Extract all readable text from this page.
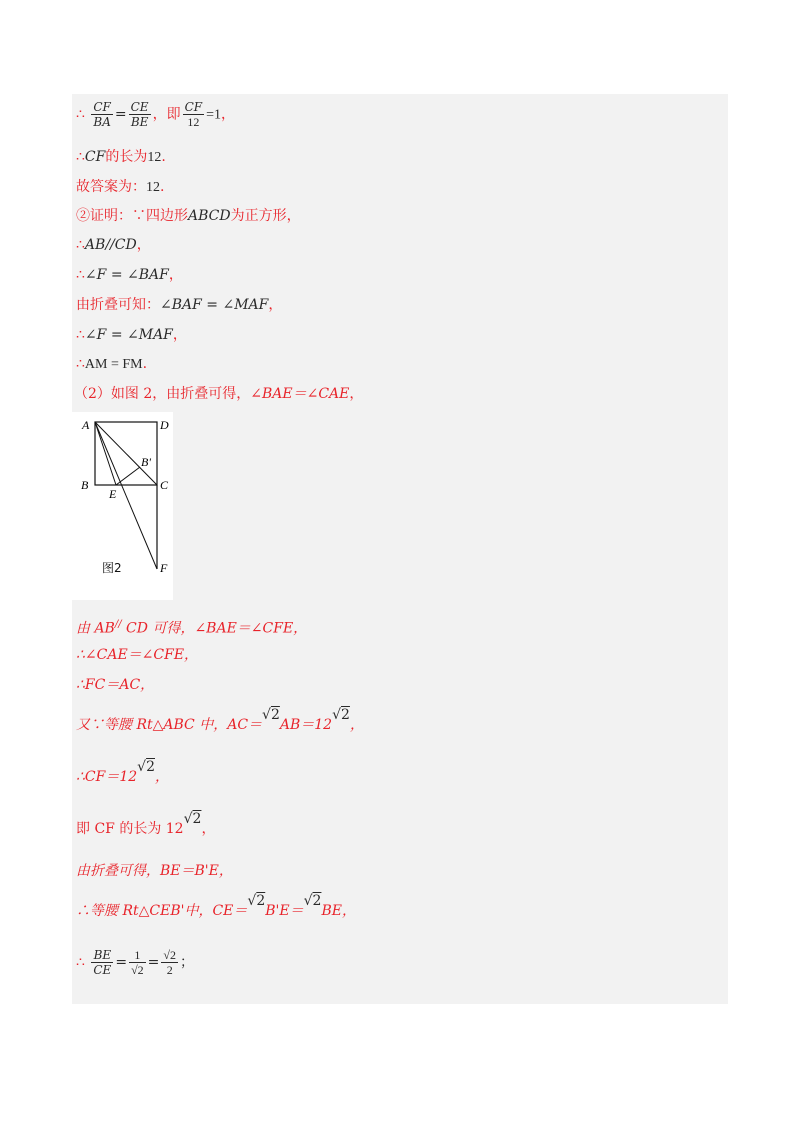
∴ $\frac{CF}{BA} = \frac{CE}{BE}$ ，即 $\frac{CF}{12} =1$，
∴CF的长为12.
故答案为：12.
②证明：∵四边形ABCD为正方形，
∴AB//CD，
∴∠F = ∠BAF，
由折叠可知：∠BAF = ∠MAF，
∴∠F = ∠MAF，
∴AM = FM.
（2）如图 2，由折叠可得，∠BAE＝∠CAE，
A	D
B
E
C
B'
F
图2
由 AB// CD 可得，∠BAE＝∠CFE，
∴∠CAE＝∠CFE，
∴FC＝AC，
又∵等腰 Rt△ABC 中，AC＝√2AB＝12√2，
∴CF＝12√2，
即 CF 的长为 12√2，
由折叠可得，BE＝B'E，
∴等腰 Rt△CEB'中，CE＝√2B'E＝√2BE，
∴ $\frac{BE}{CE} = \frac{1}{√2} = \frac{√2}{2}$ ；
